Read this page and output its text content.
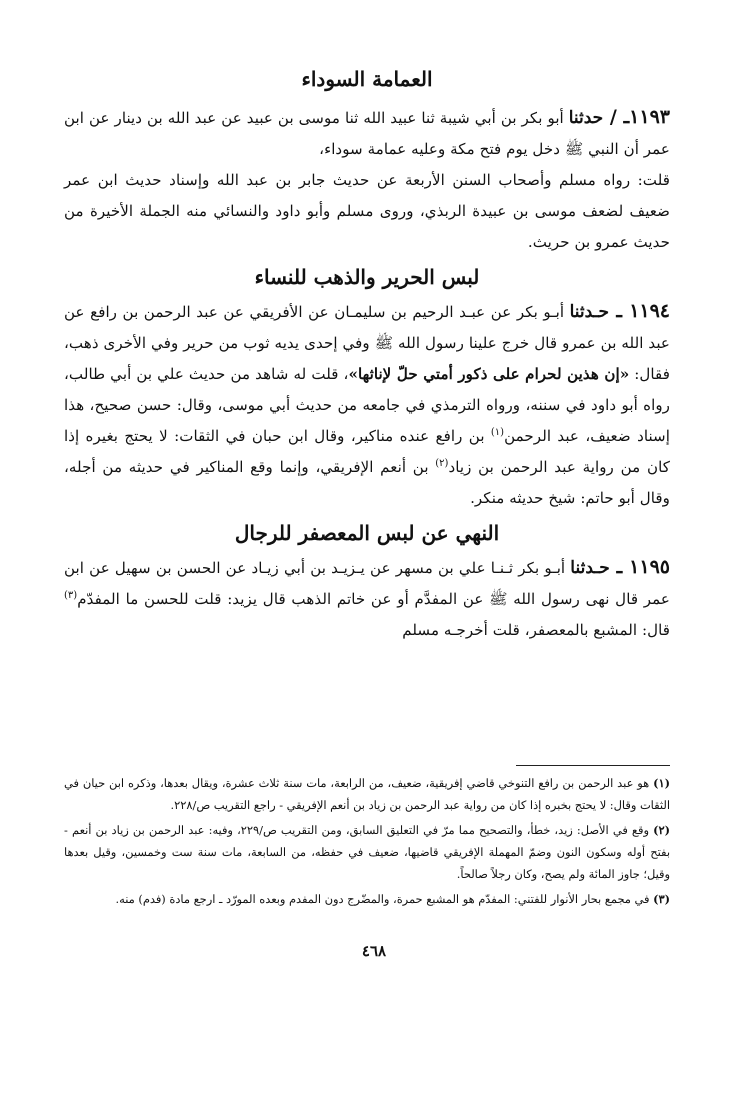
العمامة السوداء

١١٩٣ـ / حدثنا أبو بكر بن أبي شيبة ثنا عبيد الله ثنا موسى بن عبيد عن عبد الله بن دينار عن ابن عمر أن النبي ﷺ دخل يوم فتح مكة وعليه عمامة سوداء،

قلت: رواه مسلم وأصحاب السنن الأربعة عن حديث جابر بن عبد الله وإسناد حديث ابن عمر ضعيف لضعف موسى بن عبيدة الربذي، وروى مسلم وأبو داود والنسائي منه الجملة الأخيرة من حديث عمرو بن حريث.

لبس الحرير والذهب للنساء

١١٩٤ ـ حـدثنا أبـو بكر عن عبـد الرحيم بن سليمـان عن الأفريقي عن عبد الرحمن بن رافع عن عبد الله بن عمرو قال خرج علينا رسول الله ﷺ وفي إحدى يديه ثوب من حرير وفي الأخرى ذهب، فقال: «إن هذين لحرام على ذكور أمتي حلّ لإناثها»، قلت له شاهد من حديث علي بن أبي طالب، رواه أبو داود في سننه، ورواه الترمذي في جامعه من حديث أبي موسى، وقال: حسن صحيح، هذا إسناد ضعيف، عبد الرحمن$^{(١)}$ بن رافع عنده مناكير، وقال ابن حبان في الثقات: لا يحتج بغيره إذا كان من رواية عبد الرحمن بن زياد$^{(٢)}$ بن أنعم الإفريقي، وإنما وقع المناكير في حديثه من أجله، وقال أبو حاتم: شيخ حديثه منكر.

النهي عن لبس المعصفر للرجال

١١٩٥ ـ حـدثنا أبـو بكر ثـنـا علي بن مسهر عن يـزيـد بن أبي زيـاد عن الحسن بن سهيل عن ابن عمر قال نهى رسول الله ﷺ عن المفدَّم أو عن خاتم الذهب قال يزيد: قلت للحسن ما المفدّم$^{(٣)}$ قال: المشبع بالمعصفر، قلت أخرجـه مسلم

(١) هو عبد الرحمن بن رافع التنوخي قاضي إفريقية، ضعيف، من الرابعة، مات سنة ثلاث عشرة، ويقال بعدها، وذكره ابن حيان في الثقات وقال: لا يحتج بخبره إذا كان من رواية عبد الرحمن بن زياد بن أنعم الإفريقي - راجع التقريب ص/٢٢٨.

(٢) وقع في الأصل: زيد، خطأ، والتصحيح مما مرّ في التعليق السابق، ومن التقريب ص/٢٢٩، وفيه: عبد الرحمن بن زياد بن أنعم - بفتح أوله وسكون النون وضمّ المهملة الإفريقي قاضيها، ضعيف في حفظه، من السابعة، مات سنة ست وخمسين، وقيل بعدها وقيل؛ جاوز المائة ولم يصح، وكان رجلاً صالحاً.

(٣) في مجمع بحار الأنوار للفتني: المفدّم هو المشبع حمرة، والمضّرج دون المفدم وبعده المورّد ـ ارجع مادة (فدم) منه.

٤٦٨
